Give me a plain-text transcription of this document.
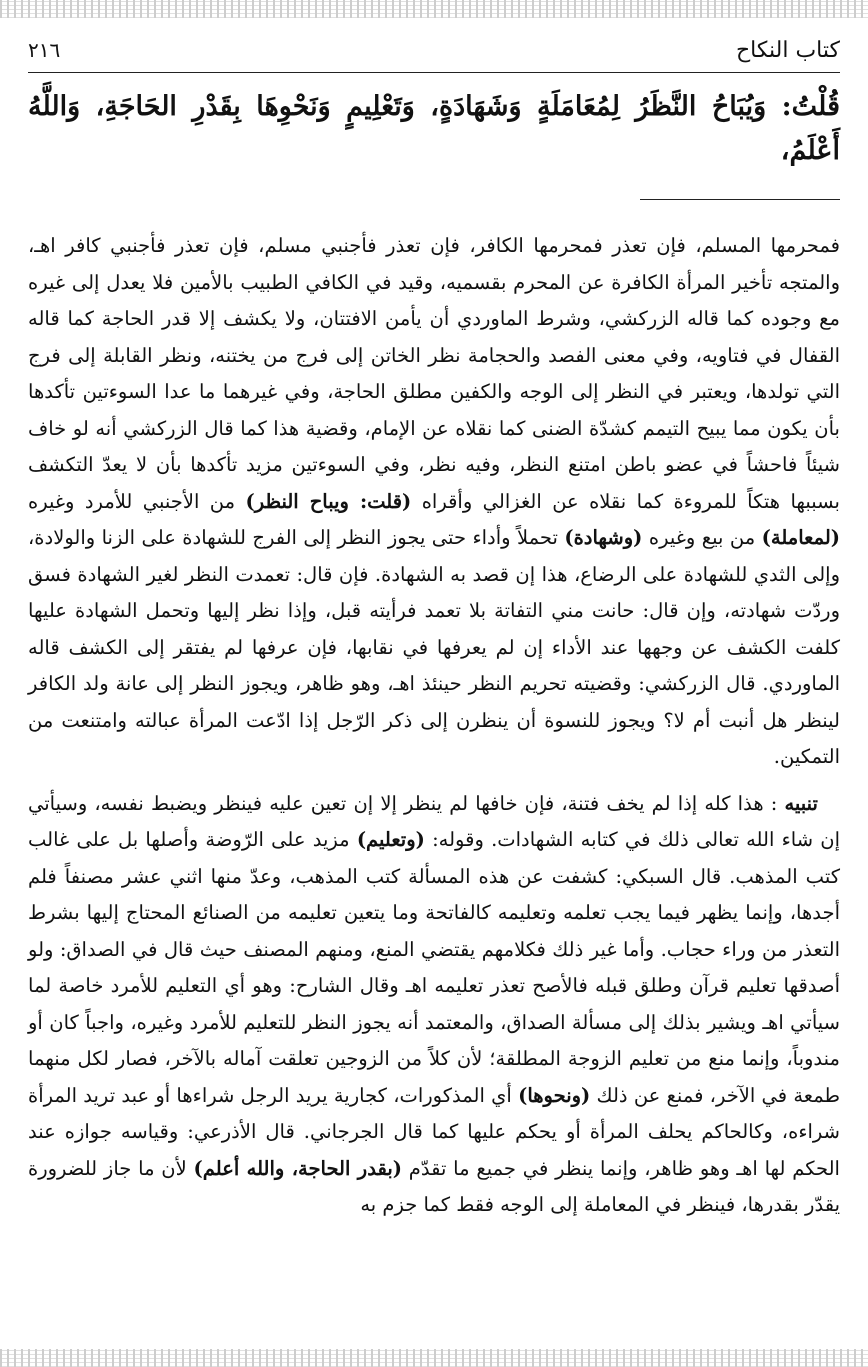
كتاب النكاح
٢١٦
قُلْتُ: وَيُبَاحُ النَّظَرُ لِمُعَامَلَةٍ وَشَهَادَةٍ، وَتَعْلِيمٍ وَنَحْوِهَا بِقَدْرِ الحَاجَةِ، وَاللَّهُ أَعْلَمُ،

فمحرمها المسلم، فإن تعذر فمحرمها الكافر، فإن تعذر فأجنبي مسلم، فإن تعذر فأجنبي كافر اهـ، والمتجه تأخير المرأة الكافرة عن المحرم بقسميه، وقيد في الكافي الطبيب بالأمين فلا يعدل إلى غيره مع وجوده كما قاله الزركشي، وشرط الماوردي أن يأمن الافتتان، ولا يكشف إلا قدر الحاجة كما قاله القفال في فتاويه، وفي معنى الفصد والحجامة نظر الخاتن إلى فرج من يختنه، ونظر القابلة إلى فرج التي تولدها، ويعتبر في النظر إلى الوجه والكفين مطلق الحاجة، وفي غيرهما ما عدا السوءتين تأكدها بأن يكون مما يبيح التيمم كشدّة الضنى كما نقلاه عن الإمام، وقضية هذا كما قال الزركشي أنه لو خاف شيئاً فاحشاً في عضو باطن امتنع النظر، وفيه نظر، وفي السوءتين مزيد تأكدها بأن لا يعدّ التكشف بسببها هتكاً للمروءة كما نقلاه عن الغزالي وأقراه (قلت: ويباح النظر) من الأجنبي للأمرد وغيره (لمعاملة) من بيع وغيره (وشهادة) تحملاً وأداء حتى يجوز النظر إلى الفرج للشهادة على الزنا والولادة، وإلى الثدي للشهادة على الرضاع، هذا إن قصد به الشهادة. فإن قال: تعمدت النظر لغير الشهادة فسق وردّت شهادته، وإن قال: حانت مني التفاتة بلا تعمد فرأيته قبل، وإذا نظر إليها وتحمل الشهادة عليها كلفت الكشف عن وجهها عند الأداء إن لم يعرفها في نقابها، فإن عرفها لم يفتقر إلى الكشف قاله الماوردي. قال الزركشي: وقضيته تحريم النظر حينئذ اهـ، وهو ظاهر، ويجوز النظر إلى عانة ولد الكافر لينظر هل أنبت أم لا؟ ويجوز للنسوة أن ينظرن إلى ذكر الرّجل إذا ادّعت المرأة عبالته وامتنعت من التمكين.

تنبيه : هذا كله إذا لم يخف فتنة، فإن خافها لم ينظر إلا إن تعين عليه فينظر ويضبط نفسه، وسيأتي إن شاء الله تعالى ذلك في كتابه الشهادات. وقوله: (وتعليم) مزيد على الرّوضة وأصلها بل على غالب كتب المذهب. قال السبكي: كشفت عن هذه المسألة كتب المذهب، وعدّ منها اثني عشر مصنفاً فلم أجدها، وإنما يظهر فيما يجب تعلمه وتعليمه كالفاتحة وما يتعين تعليمه من الصنائع المحتاج إليها بشرط التعذر من وراء حجاب. وأما غير ذلك فكلامهم يقتضي المنع، ومنهم المصنف حيث قال في الصداق: ولو أصدقها تعليم قرآن وطلق قبله فالأصح تعذر تعليمه اهـ وقال الشارح: وهو أي التعليم للأمرد خاصة لما سيأتي اهـ ويشير بذلك إلى مسألة الصداق، والمعتمد أنه يجوز النظر للتعليم للأمرد وغيره، واجباً كان أو مندوباً، وإنما منع من تعليم الزوجة المطلقة؛ لأن كلاً من الزوجين تعلقت آماله بالآخر، فصار لكل منهما طمعة في الآخر، فمنع عن ذلك (ونحوها) أي المذكورات، كجارية يريد الرجل شراءها أو عبد تريد المرأة شراءه، وكالحاكم يحلف المرأة أو يحكم عليها كما قال الجرجاني. قال الأذرعي: وقياسه جوازه عند الحكم لها اهـ وهو ظاهر، وإنما ينظر في جميع ما تقدّم (بقدر الحاجة، والله أعلم) لأن ما جاز للضرورة يقدّر بقدرها، فينظر في المعاملة إلى الوجه فقط كما جزم به
